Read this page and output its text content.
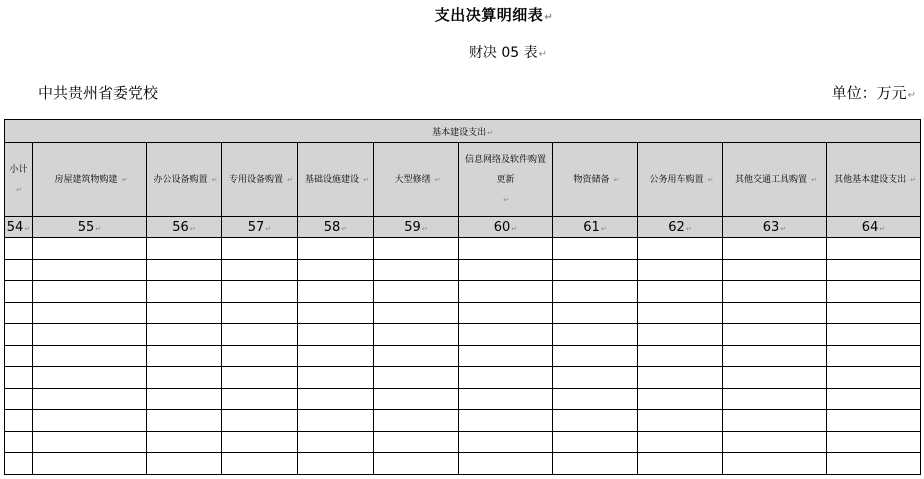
支出决算明细表↵
财决 05 表↵
中共贵州省委党校	单位：万元↵
基本建设支出↵										
小计↵	房屋建筑物购建 ↵	办公设备购置 ↵	专用设备购置 ↵	基础设施建设 ↵	大型修缮 ↵	信息网络及软件购置更新↵	物资储备 ↵	公务用车购置 ↵	其他交通工具购置 ↵	其他基本建设支出 ↵
54↵	55↵	56↵	57↵	58↵	59↵	60↵	61↵	62↵	63↵	64↵
